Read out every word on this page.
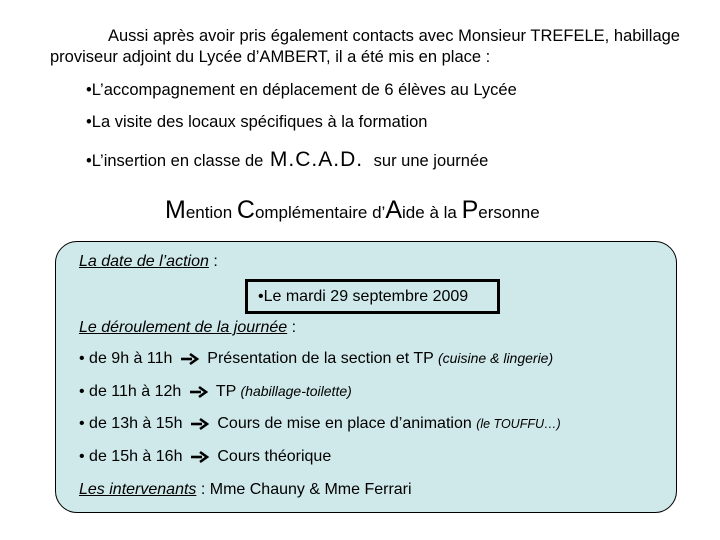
Aussi après avoir pris également contacts avec Monsieur TREFELE, habillage proviseur adjoint du Lycée d’AMBERT, il a été mis en place :
•L’accompagnement en déplacement de 6 élèves au Lycée
•La visite des locaux spécifiques à la formation
•L’insertion en classe de M.C.A.D. sur une journée
Mention Complémentaire d’Aide à la Personne
La date de l’action :
•Le mardi 29 septembre 2009
Le déroulement de la journée :
• de 9h à 11h Présentation de la section et TP (cuisine & lingerie)
• de 11h à 12h TP (habillage-toilette)
• de 13h à 15h Cours de mise en place d’animation (le TOUFFU…)
• de 15h à 16h Cours théorique
Les intervenants : Mme Chauny & Mme Ferrari
